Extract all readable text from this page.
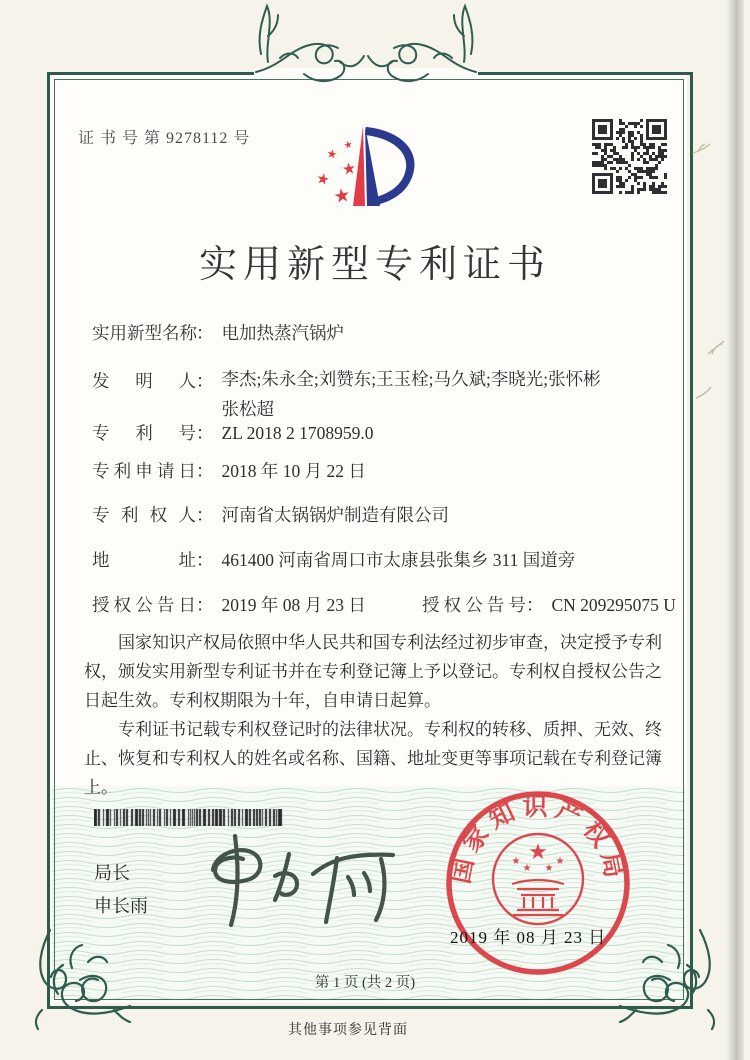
证 书 号 第 9278112 号	★
★
★
★
★
实用新型专利证书
实用新型名称： 电加热蒸汽锅炉
发明人： 李杰;朱永全;刘赞东;王玉栓;马久斌;李晓光;张怀彬
张松超
专利号： ZL 2018 2 1708959.0
专利申请日： 2018 年 10 月 22 日
专利权人： 河南省太锅锅炉制造有限公司
地址： 461400 河南省周口市太康县张集乡 311 国道旁
授权公告日： 2019 年 08 月 23 日	授权公告号： CN 209295075 U

国家知识产权局依照中华人民共和国专利法经过初步审查，决定授予专利权，颁发实用新型专利证书并在专利登记簿上予以登记。专利权自授权公告之日起生效。专利权期限为十年，自申请日起算。

专利证书记载专利权登记时的法律状况。专利权的转移、质押、无效、终止、恢复和专利权人的姓名或名称、国籍、地址变更等事项记载在专利登记簿上。

局长
申长雨
国家知识产权局
★
★
★ ★
★
2019 年 08 月 23 日
第 1 页 (共 2 页)
其他事项参见背面
